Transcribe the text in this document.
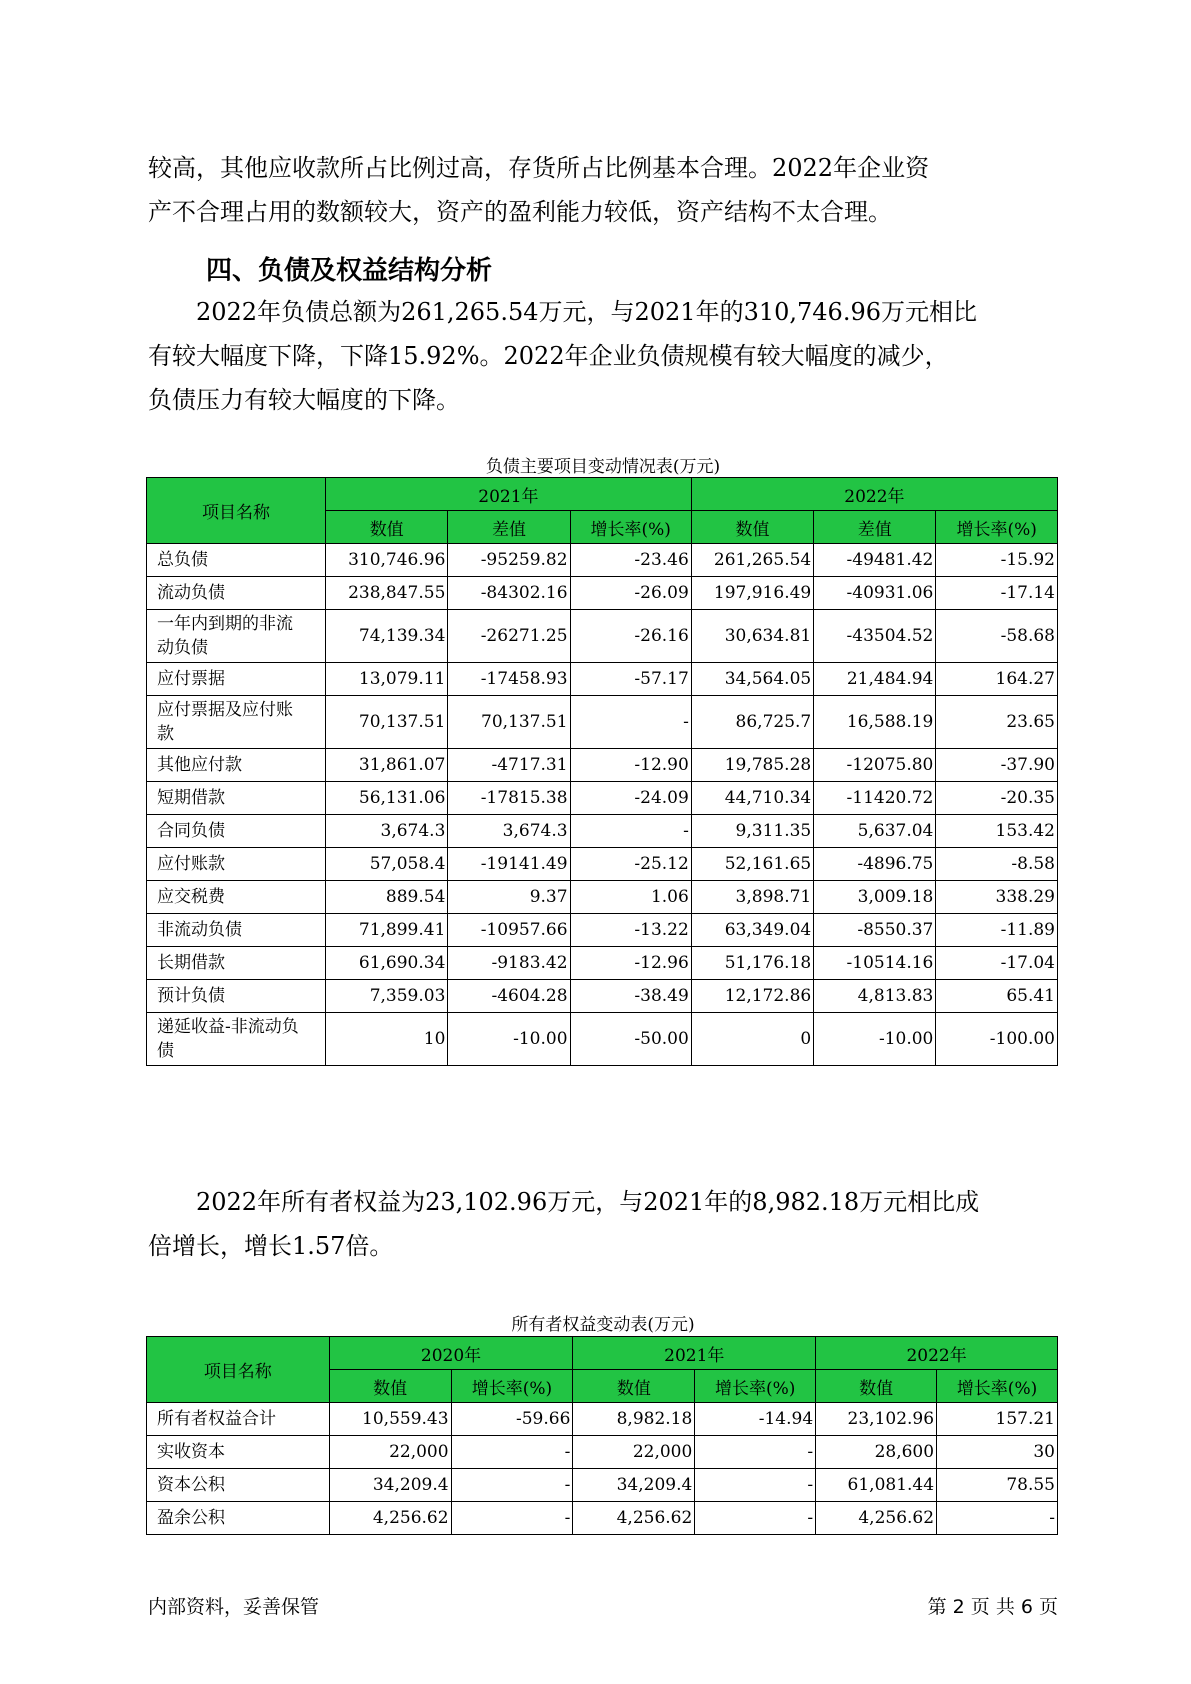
较高，其他应收款所占比例过高，存货所占比例基本合理。2022年企业资
产不合理占用的数额较大，资产的盈利能力较低，资产结构不太合理。

四、负债及权益结构分析

2022年负债总额为261,265.54万元，与2021年的310,746.96万元相比
有较大幅度下降，下降15.92%。2022年企业负债规模有较大幅度的减少，
负债压力有较大幅度的下降。

负债主要项目变动情况表(万元)
项目名称	2021年			2022年		
	数值	差值	增长率(%)	数值	差值	增长率(%)
总负债	310,746.96	-95259.82	-23.46	261,265.54	-49481.42	-15.92
流动负债	238,847.55	-84302.16	-26.09	197,916.49	-40931.06	-17.14
一年内到期的非流
动负债	74,139.34	-26271.25	-26.16	30,634.81	-43504.52	-58.68
应付票据	13,079.11	-17458.93	-57.17	34,564.05	21,484.94	164.27
应付票据及应付账
款	70,137.51	70,137.51	-	86,725.7	16,588.19	23.65
其他应付款	31,861.07	-4717.31	-12.90	19,785.28	-12075.80	-37.90
短期借款	56,131.06	-17815.38	-24.09	44,710.34	-11420.72	-20.35
合同负债	3,674.3	3,674.3	-	9,311.35	5,637.04	153.42
应付账款	57,058.4	-19141.49	-25.12	52,161.65	-4896.75	-8.58
应交税费	889.54	9.37	1.06	3,898.71	3,009.18	338.29
非流动负债	71,899.41	-10957.66	-13.22	63,349.04	-8550.37	-11.89
长期借款	61,690.34	-9183.42	-12.96	51,176.18	-10514.16	-17.04
预计负债	7,359.03	-4604.28	-38.49	12,172.86	4,813.83	65.41
递延收益-非流动负
债	10	-10.00	-50.00	0	-10.00	-100.00

2022年所有者权益为23,102.96万元，与2021年的8,982.18万元相比成
倍增长，增长1.57倍。

所有者权益变动表(万元)
项目名称	2020年		2021年		2022年	
	数值	增长率(%)	数值	增长率(%)	数值	增长率(%)
所有者权益合计	10,559.43	-59.66	8,982.18	-14.94	23,102.96	157.21
实收资本	22,000	-	22,000	-	28,600	30
资本公积	34,209.4	-	34,209.4	-	61,081.44	78.55
盈余公积	4,256.62	-	4,256.62	-	4,256.62	-
内部资料，妥善保管	第 2 页 共 6 页
